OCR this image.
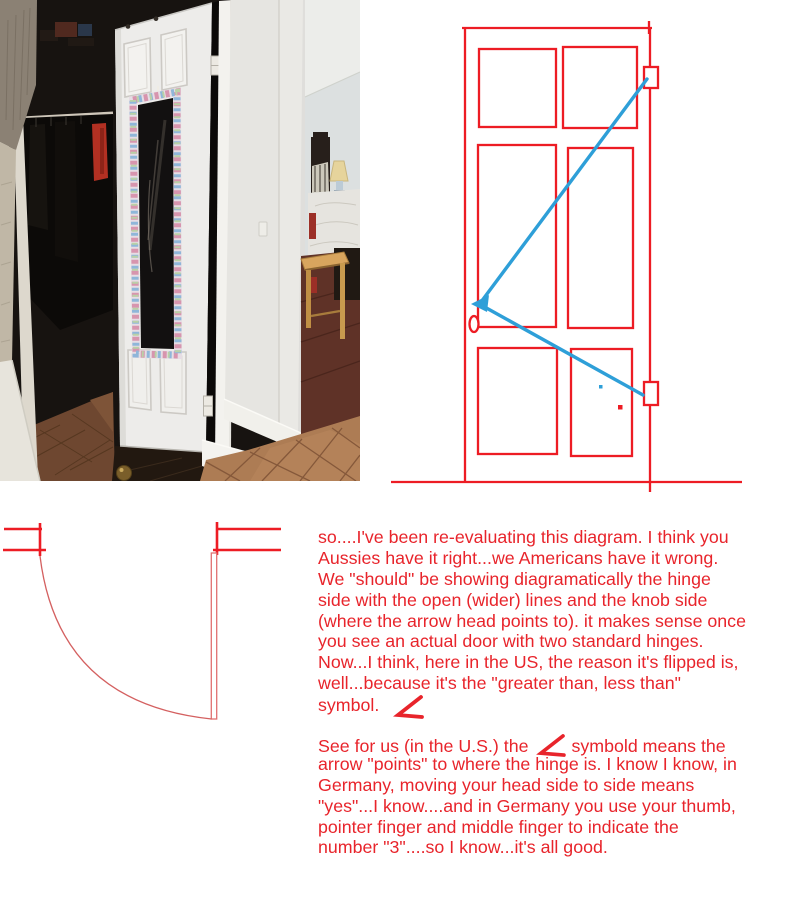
so....I've been re-evaluating this diagram. I think you
Aussies have it right...we Americans have it wrong.
We "should" be showing diagramatically the hinge
side with the open (wider) lines and the knob side
(where the arrow head points to). it makes sense once
you see an actual door with two standard hinges.
Now...I think, here in the US, the reason it's flipped is,
well...because it's the "greater than, less than"
symbol.
See for us (in the U.S.) the symbold means the
arrow "points" to where the hinge is. I know I know, in
Germany, moving your head side to side means
"yes"...I know....and in Germany you use your thumb,
pointer finger and middle finger to indicate the
number "3"....so I know...it's all good.
